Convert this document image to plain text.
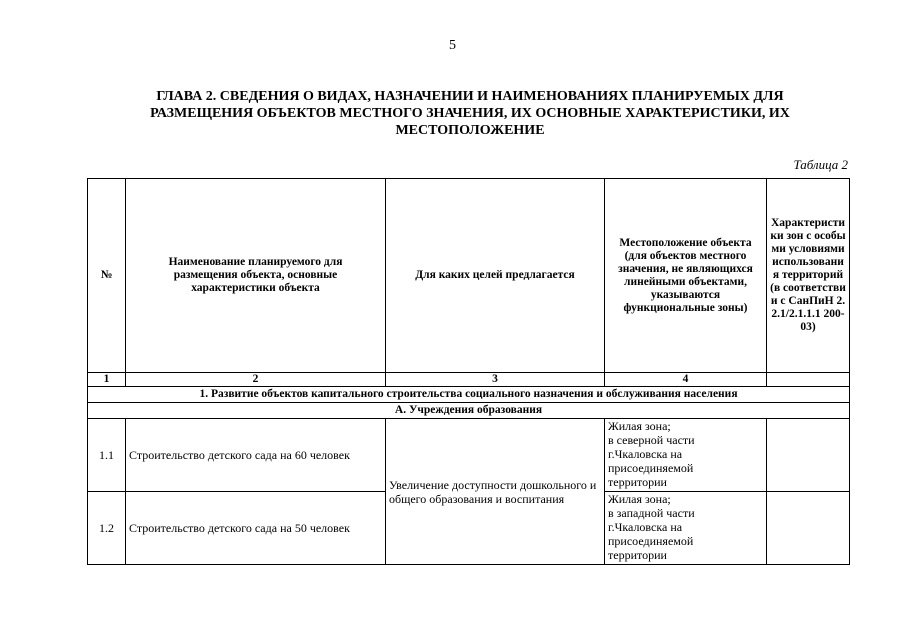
5
ГЛАВА 2. СВЕДЕНИЯ О ВИДАХ, НАЗНАЧЕНИИ И НАИМЕНОВАНИЯХ ПЛАНИРУЕМЫХ ДЛЯ РАЗМЕЩЕНИЯ ОБЪЕКТОВ МЕСТНОГО ЗНАЧЕНИЯ, ИХ ОСНОВНЫЕ ХАРАКТЕРИСТИКИ, ИХ МЕСТОПОЛОЖЕНИЕ
Таблица 2
№	Наименование планируемого для размещения объекта, основные характеристики объекта	Для каких целей предлагается	Местоположение объекта (для объектов местного значения, не являющихся линейными объектами, указываются функциональные зоны)	Характеристики зон с особыми условиями использования территорий (в соответствии с СанПиН 2.2.1/2.1.1.1 200-03)
1	2	3	4	
1. Развитие объектов капитального строительства социального назначения и обслуживания населения				
А. Учреждения образования				
1.1	Строительство детского сада на 60 человек	Увеличение доступности дошкольного и общего образования и воспитания	Жилая зона;
в северной части
г.Чкаловска на
присоединяемой
территории	

1.2	Строительство детского сада на 50 человек		Жилая зона;
в западной части
г.Чкаловска на
присоединяемой
территории	
